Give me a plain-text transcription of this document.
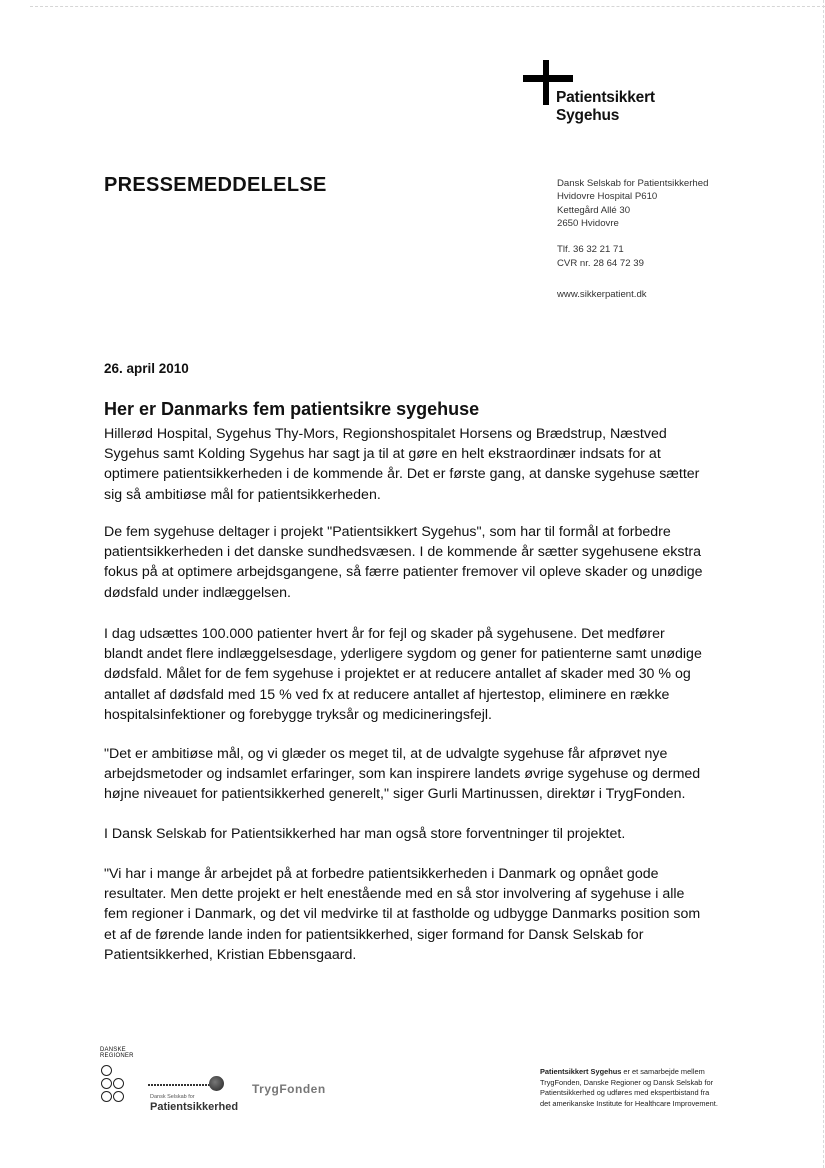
Patientsikkert
Sygehus
PRESSEMEDDELELSE	Dansk Selskab for Patientsikkerhed
Hvidovre Hospital P610
Kettegård Allé 30
2650 Hvidovre
Tlf. 36 32 21 71
CVR nr. 28 64 72 39
www.sikkerpatient.dk
26. april 2010
Her er Danmarks fem patientsikre sygehuse
Hillerød Hospital, Sygehus Thy-Mors, Regionshospitalet Horsens og Brædstrup, Næstved
Sygehus samt Kolding Sygehus har sagt ja til at gøre en helt ekstraordinær indsats for at
optimere patientsikkerheden i de kommende år. Det er første gang, at danske sygehuse sætter
sig så ambitiøse mål for patientsikkerheden.
De fem sygehuse deltager i projekt "Patientsikkert Sygehus", som har til formål at forbedre
patientsikkerheden i det danske sundhedsvæsen. I de kommende år sætter sygehusene ekstra
fokus på at optimere arbejdsgangene, så færre patienter fremover vil opleve skader og unødige
dødsfald under indlæggelsen.
I dag udsættes 100.000 patienter hvert år for fejl og skader på sygehusene. Det medfører
blandt andet flere indlæggelsesdage, yderligere sygdom og gener for patienterne samt unødige
dødsfald. Målet for de fem sygehuse i projektet er at reducere antallet af skader med 30 % og
antallet af dødsfald med 15 % ved fx at reducere antallet af hjertestop, eliminere en række
hospitalsinfektioner og forebygge tryksår og medicineringsfejl.
"Det er ambitiøse mål, og vi glæder os meget til, at de udvalgte sygehuse får afprøvet nye
arbejdsmetoder og indsamlet erfaringer, som kan inspirere landets øvrige sygehuse og dermed
højne niveauet for patientsikkerhed generelt," siger Gurli Martinussen, direktør i TrygFonden.
I Dansk Selskab for Patientsikkerhed har man også store forventninger til projektet.
"Vi har i mange år arbejdet på at forbedre patientsikkerheden i Danmark og opnået gode
resultater. Men dette projekt er helt enestående med en så stor involvering af sygehuse i alle
fem regioner i Danmark, og det vil medvirke til at fastholde og udbygge Danmarks position som
et af de førende lande inden for patientsikkerhed, siger formand for Dansk Selskab for
Patientsikkerhed, Kristian Ebbensgaard.
DANSKE
REGIONER
Dansk Selskab for
Patientsikkerhed
TrygFonden
Patientsikkert Sygehus er et samarbejde mellem
TrygFonden, Danske Regioner og Dansk Selskab for
Patientsikkerhed og udføres med ekspertbistand fra
det amerikanske Institute for Healthcare Improvement.
